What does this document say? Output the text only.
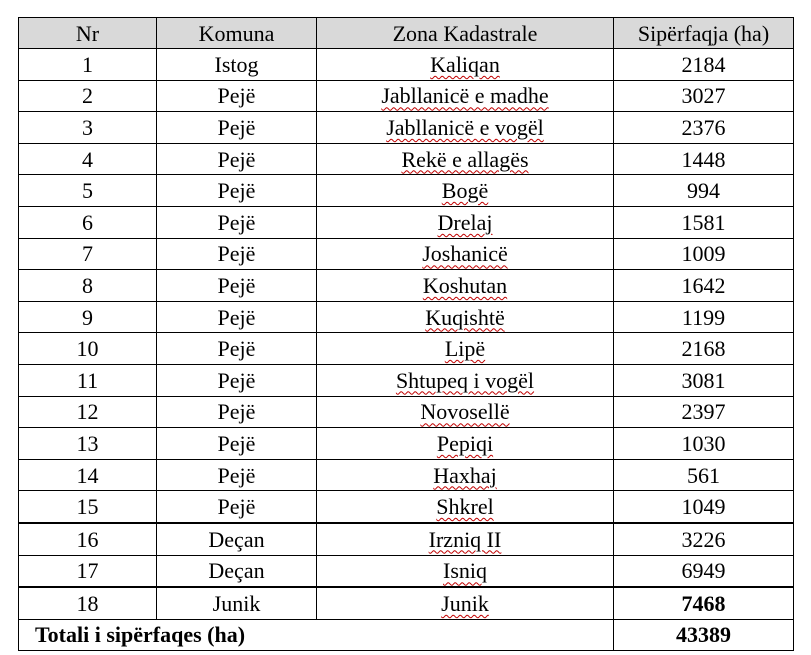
Nr	Komuna	Zona Kadastrale	Sipërfaqja (ha)
1	Istog	Kaliqan	2184
2	Pejë	Jabllanicë e madhe	3027
3	Pejë	Jabllanicë e vogël	2376
4	Pejë	Rekë e allagës	1448
5	Pejë	Bogë	994
6	Pejë	Drelaj	1581
7	Pejë	Joshanicë	1009
8	Pejë	Koshutan	1642
9	Pejë	Kuqishtë	1199
10	Pejë	Lipë	2168
11	Pejë	Shtupeq i vogël	3081
12	Pejë	Novosellë	2397
13	Pejë	Pepiqi	1030
14	Pejë	Haxhaj	561
15	Pejë	Shkrel	1049
16	Deçan	Irzniq II	3226
17	Deçan	Isniq	6949
18	Junik	Junik	7468
Totali i sipërfaqes (ha)			43389
